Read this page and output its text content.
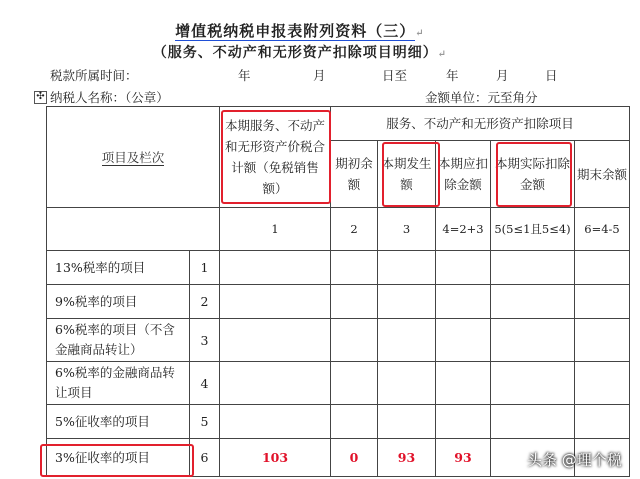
增值税纳税申报表附列资料（三）↵
（服务、不动产和无形资产扣除项目明细）↵
税款所属时间：	年	月	日至	年	月	日
✣ 纳税人名称：（公章）	金额单位：元至角分
项目及栏次		本期服务、不动产和无形资产价税合计额（免税销售额）	服务、不动产和无形资产扣除项目				
			期初余额	本期发生额	本期应扣除金额	本期实际扣除金额	期末余额
		1	2	3	4=2+3	5(5≤1且5≤4)	6=4-5
13%税率的项目	1						
9%税率的项目	2						
6%税率的项目（不含金融商品转让）	3						
6%税率的金融商品转让项目	4						
5%征收率的项目	5						
3%征收率的项目	6	103	0	93	93			头条 @理个税
